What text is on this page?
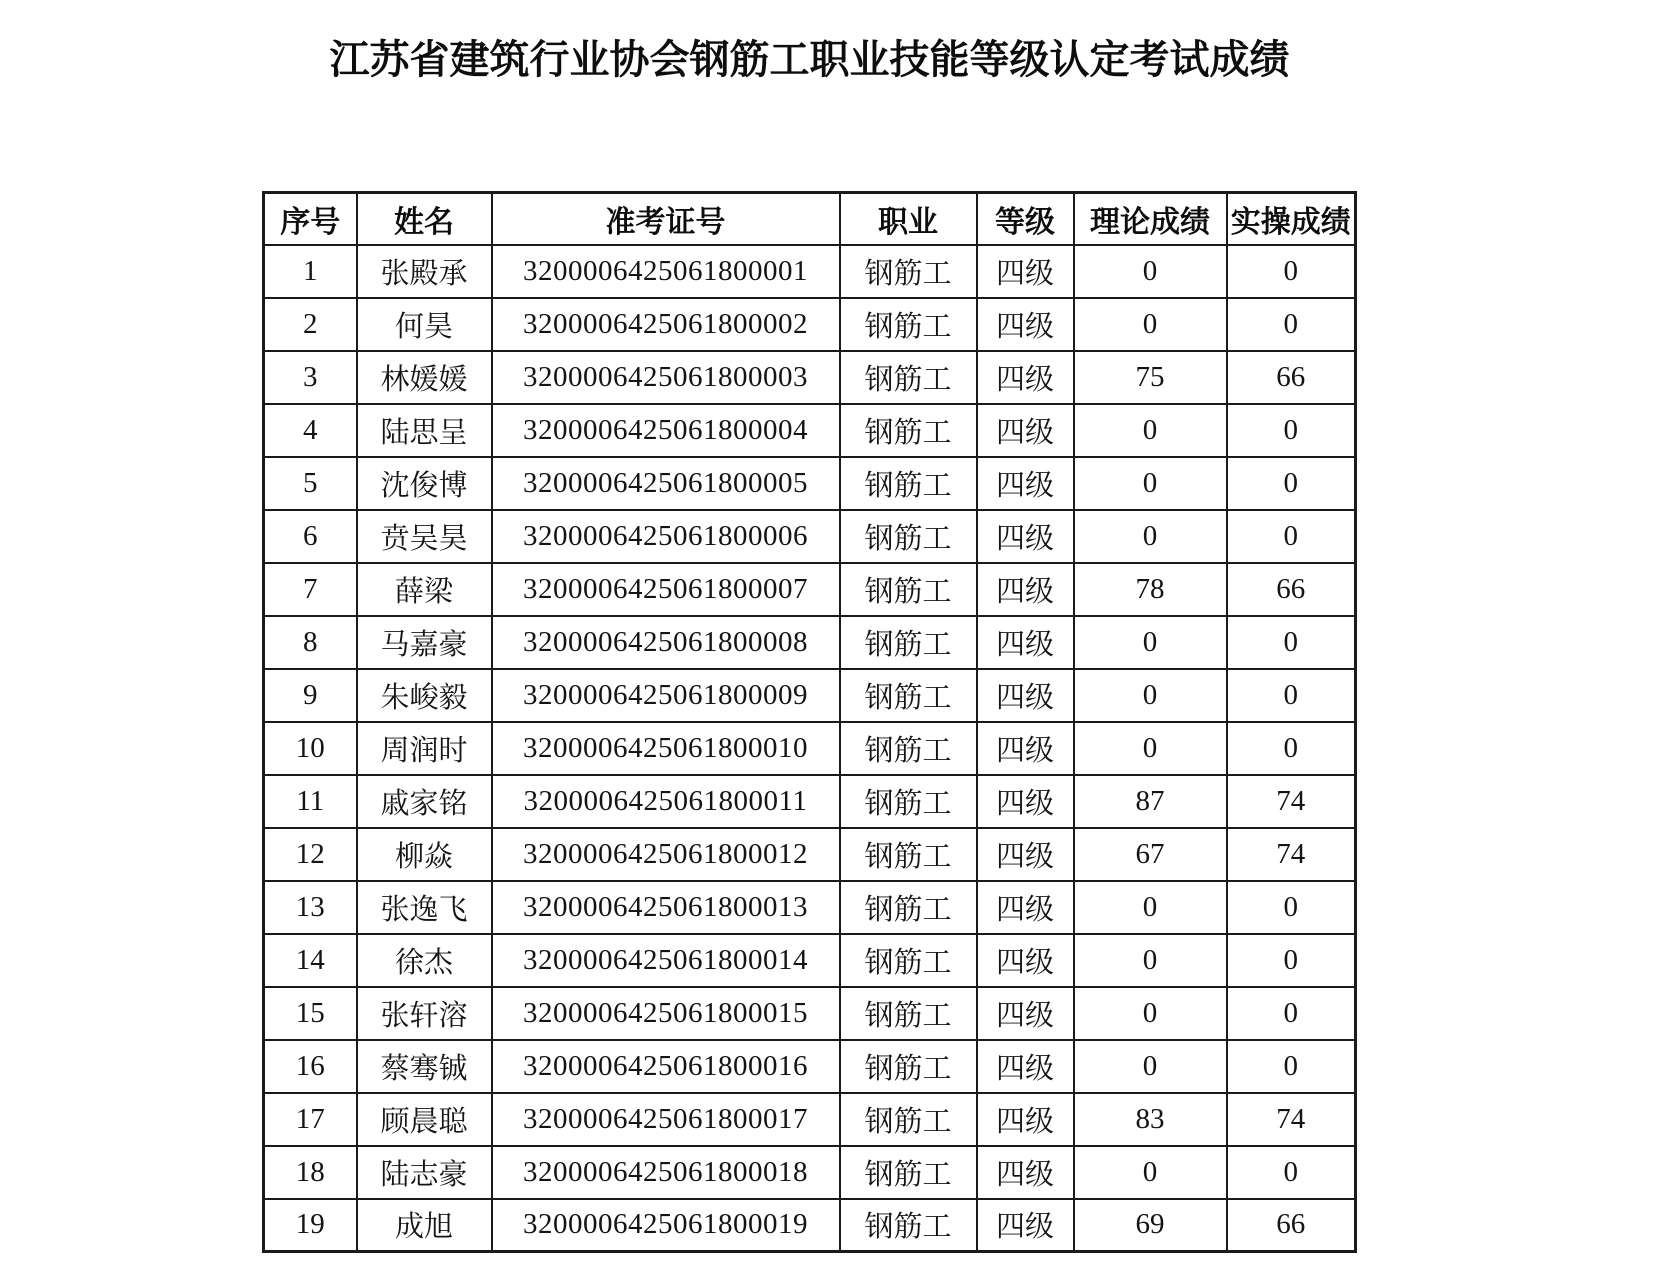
江苏省建筑行业协会钢筋工职业技能等级认定考试成绩
序号	姓名	准考证号	职业	等级	理论成绩	实操成绩
1	张殿承	3200006425061800001	钢筋工	四级	0	0
2	何昊	3200006425061800002	钢筋工	四级	0	0
3	林媛媛	3200006425061800003	钢筋工	四级	75	66
4	陆思呈	3200006425061800004	钢筋工	四级	0	0
5	沈俊博	3200006425061800005	钢筋工	四级	0	0
6	贲吴昊	3200006425061800006	钢筋工	四级	0	0
7	薛梁	3200006425061800007	钢筋工	四级	78	66
8	马嘉豪	3200006425061800008	钢筋工	四级	0	0
9	朱峻毅	3200006425061800009	钢筋工	四级	0	0
10	周润时	3200006425061800010	钢筋工	四级	0	0
11	戚家铭	3200006425061800011	钢筋工	四级	87	74
12	柳焱	3200006425061800012	钢筋工	四级	67	74
13	张逸飞	3200006425061800013	钢筋工	四级	0	0
14	徐杰	3200006425061800014	钢筋工	四级	0	0
15	张轩溶	3200006425061800015	钢筋工	四级	0	0
16	蔡骞铖	3200006425061800016	钢筋工	四级	0	0
17	顾晨聪	3200006425061800017	钢筋工	四级	83	74
18	陆志豪	3200006425061800018	钢筋工	四级	0	0
19	成旭	3200006425061800019	钢筋工	四级	69	66
